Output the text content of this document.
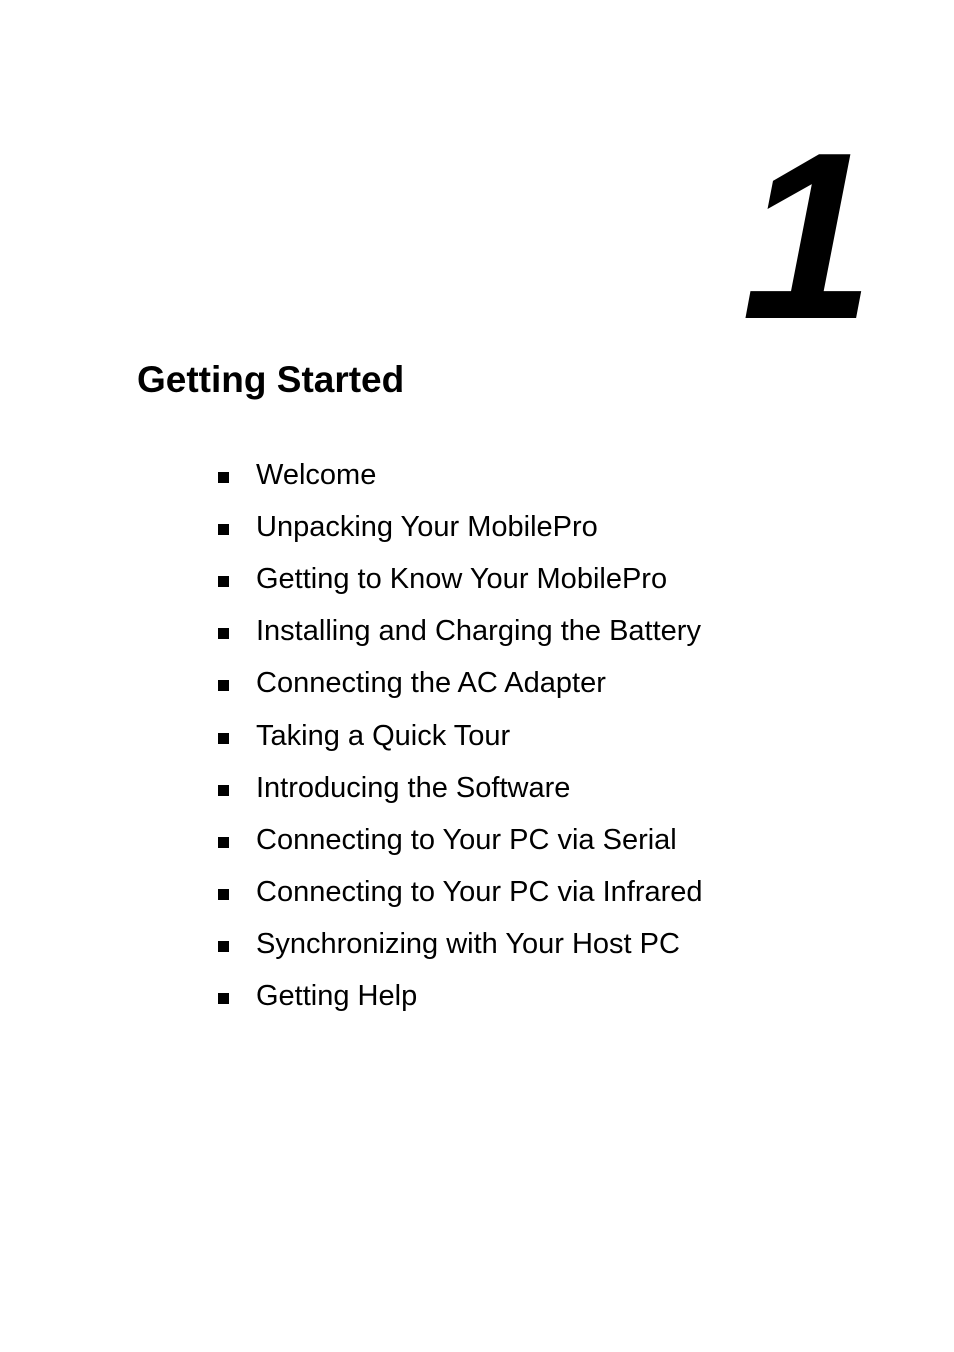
1
Getting Started
Welcome
Unpacking Your MobilePro
Getting to Know Your MobilePro
Installing and Charging the Battery
Connecting the AC Adapter
Taking a Quick Tour
Introducing the Software
Connecting to Your PC via Serial
Connecting to Your PC via Infrared
Synchronizing with Your Host PC
Getting Help
